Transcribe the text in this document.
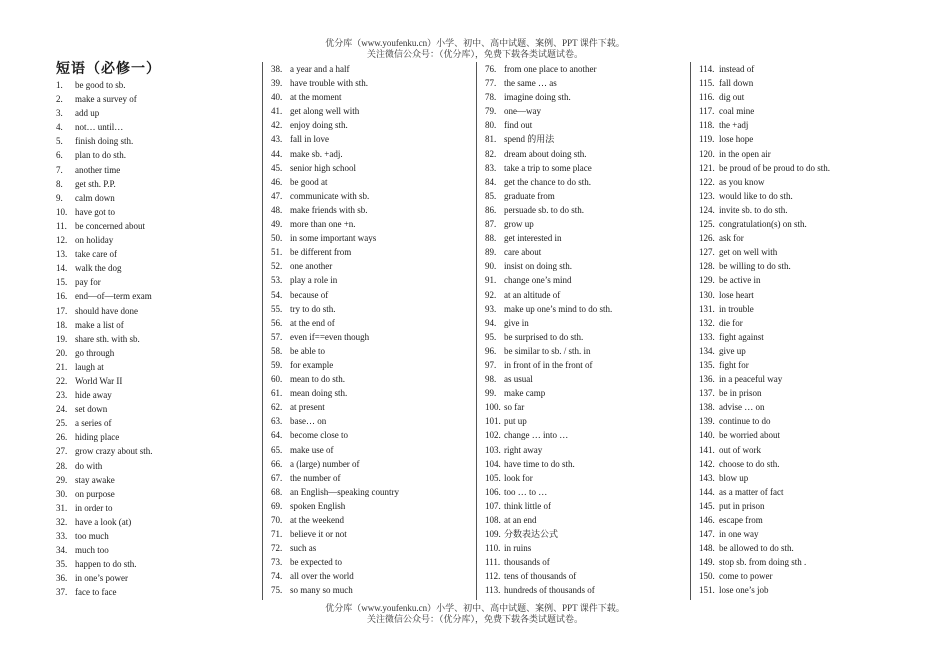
优分库（www.youfenku.cn）小学、初中、高中试题、案例、PPT 课件下载。
关注微信公众号：（优分库），免费下载各类试题试卷。
短语（必修一）
1. be good to sb.
2. make a survey of
3. add up
4. not… until…
5. finish doing sth.
6. plan to do sth.
7. another time
8. get sth. P.P.
9. calm down
10. have got to
11. be concerned about
12. on holiday
13. take care of
14. walk the dog
15. pay for
16. end—of—term exam
17. should have done
18. make a list of
19. share sth. with sb.
20. go through
21. laugh at
22. World War II
23. hide away
24. set down
25. a series of
26. hiding place
27. grow crazy about sth.
28. do with
29. stay awake
30. on purpose
31. in order to
32. have a look (at)
33. too much
34. much too
35. happen to do sth.
36. in one’s power
37. face to face
38. a year and a half
39. have trouble with sth.
40. at the moment
41. get along well with
42. enjoy doing sth.
43. fall in love
44. make sb. +adj.
45. senior high school
46. be good at
47. communicate with sb.
48. make friends with sb.
49. more than one +n.
50. in some important ways
51. be different from
52. one another
53. play a role in
54. because of
55. try to do sth.
56. at the end of
57. even if==even though
58. be able to
59. for example
60. mean to do sth.
61. mean doing sth.
62. at present
63. base… on
64. become close to
65. make use of
66. a (large) number of
67. the number of
68. an English—speaking country
69. spoken English
70. at the weekend
71. believe it or not
72. such as
73. be expected to
74. all over the world
75. so many so much
76. from one place to another
77. the same … as
78. imagine doing sth.
79. one—way
80. find out
81. spend 的用法
82. dream about doing sth.
83. take a trip to some place
84. get the chance to do sth.
85. graduate from
86. persuade sb. to do sth.
87. grow up
88. get interested in
89. care about
90. insist on doing sth.
91. change one’s mind
92. at an altitude of
93. make up one’s mind to do sth.
94. give in
95. be surprised to do sth.
96. be similar to sb. / sth. in
97. in front of in the front of
98. as usual
99. make camp
100. so far
101. put up
102. change … into …
103. right away
104. have time to do sth.
105. look for
106. too … to …
107. think little of
108. at an end
109. 分数表达公式
110. in ruins
111. thousands of
112. tens of thousands of
113. hundreds of thousands of
114. instead of
115. fall down
116. dig out
117. coal mine
118. the +adj
119. lose hope
120. in the open air
121. be proud of be proud to do sth.
122. as you know
123. would like to do sth.
124. invite sb. to do sth.
125. congratulation(s) on sth.
126. ask for
127. get on well with
128. be willing to do sth.
129. be active in
130. lose heart
131. in trouble
132. die for
133. fight against
134. give up
135. fight for
136. in a peaceful way
137. be in prison
138. advise … on
139. continue to do
140. be worried about
141. out of work
142. choose to do sth.
143. blow up
144. as a matter of fact
145. put in prison
146. escape from
147. in one way
148. be allowed to do sth.
149. stop sb. from doing sth .
150. come to power
151. lose one’s job
优分库（www.youfenku.cn）小学、初中、高中试题、案例、PPT 课件下载。
关注微信公众号：（优分库），免费下载各类试题试卷。
